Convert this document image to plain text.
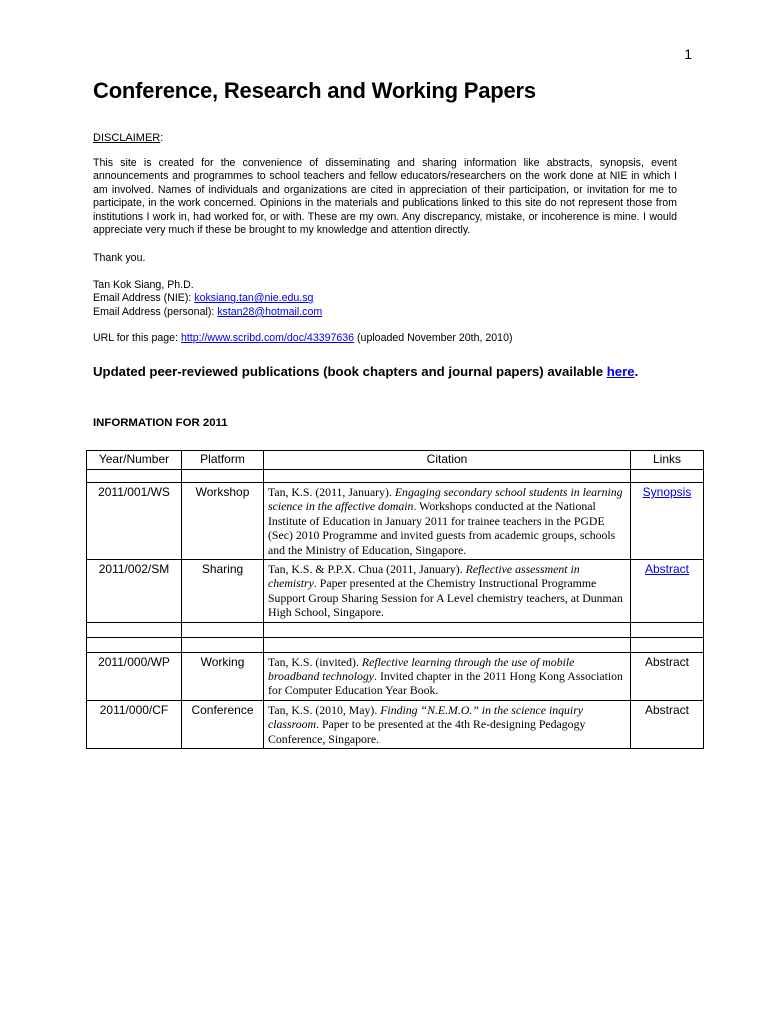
1
Conference, Research and Working Papers
DISCLAIMER:

This site is created for the convenience of disseminating and sharing information like abstracts, synopsis, event announcements and programmes to school teachers and fellow educators/researchers on the work done at NIE in which I am involved. Names of individuals and organizations are cited in appreciation of their participation, or invitation for me to participate, in the work concerned. Opinions in the materials and publications linked to this site do not represent those from institutions I work in, had worked for, or with. These are my own. Any discrepancy, mistake, or incoherence is mine. I would appreciate very much if these be brought to my knowledge and attention directly.

Thank you.
Tan Kok Siang, Ph.D.
Email Address (NIE): koksiang.tan@nie.edu.sg
Email Address (personal): kstan28@hotmail.com
URL for this page: http://www.scribd.com/doc/43397636 (uploaded November 20th, 2010)
Updated peer-reviewed publications (book chapters and journal papers) available here.
INFORMATION FOR 2011
Year/Number	Platform	Citation	Links

2011/001/WS	Workshop	Tan, K.S. (2011, January). Engaging secondary school students in learning science in the affective domain. Workshops conducted at the National Institute of Education in January 2011 for trainee teachers in the PGDE (Sec) 2010 Programme and invited guests from academic groups, schools and the Ministry of Education, Singapore.	Synopsis
2011/002/SM	Sharing	Tan, K.S. & P.P.X. Chua (2011, January). Reflective assessment in chemistry. Paper presented at the Chemistry Instructional Programme Support Group Sharing Session for A Level chemistry teachers, at Dunman High School, Singapore.	Abstract

2011/000/WP	Working	Tan, K.S. (invited). Reflective learning through the use of mobile broadband technology. Invited chapter in the 2011 Hong Kong Association for Computer Education Year Book.	Abstract
2011/000/CF	Conference	Tan, K.S. (2010, May). Finding “N.E.M.O.” in the science inquiry classroom. Paper to be presented at the 4th Re-designing Pedagogy Conference, Singapore.	Abstract
